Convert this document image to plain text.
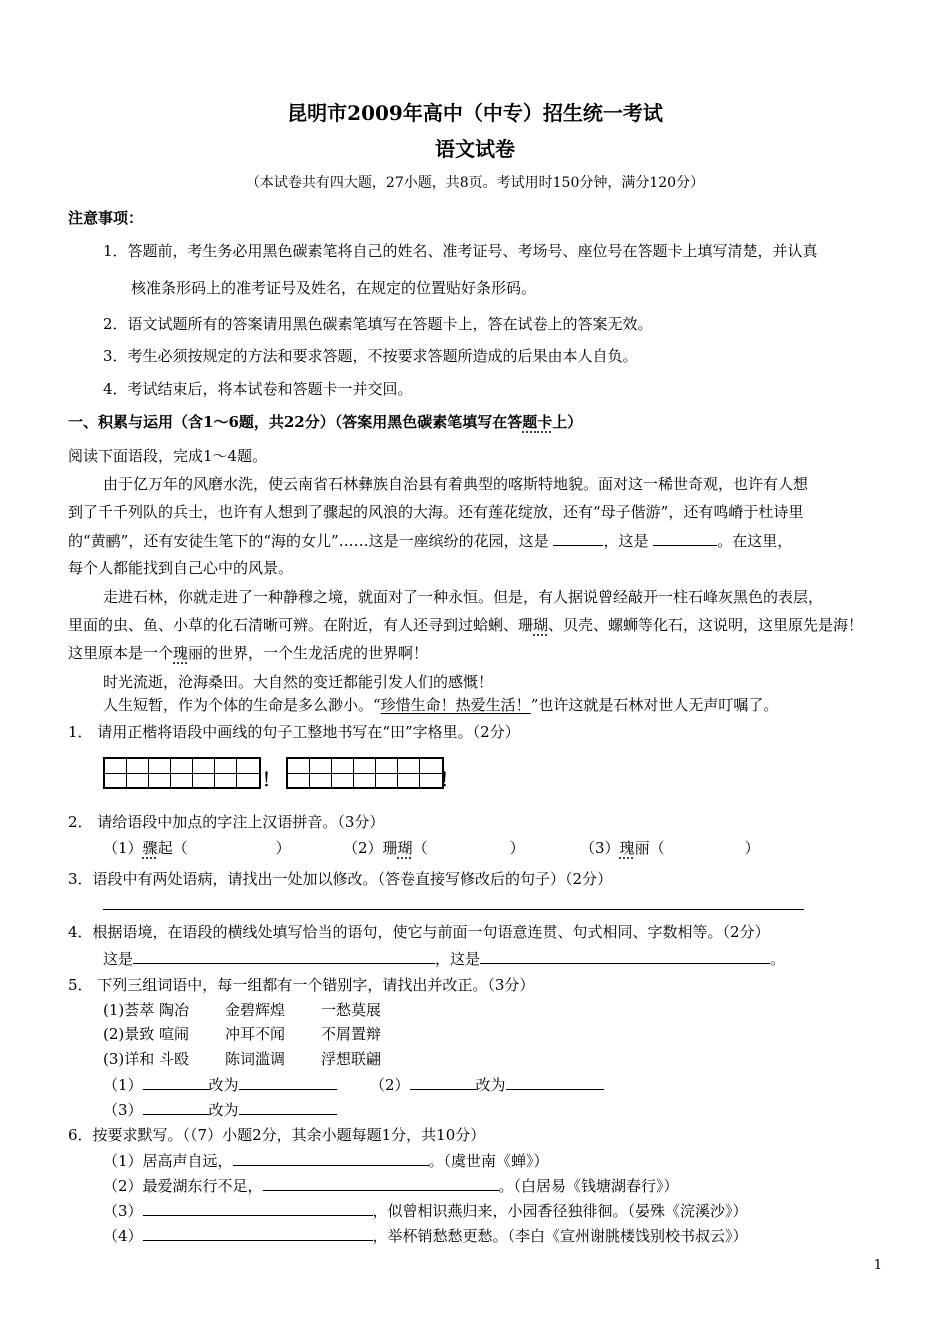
昆明市2009年高中（中专）招生统一考试
语文试卷
（本试卷共有四大题，27小题，共8页。考试用时150分钟，满分120分）
注意事项：
1．答题前，考生务必用黑色碳素笔将自己的姓名、准考证号、考场号、座位号在答题卡上填写清楚，并认真
核准条形码上的准考证号及姓名，在规定的位置贴好条形码。
2．语文试题所有的答案请用黑色碳素笔填写在答题卡上，答在试卷上的答案无效。
3．考生必须按规定的方法和要求答题，不按要求答题所造成的后果由本人自负。
4．考试结束后，将本试卷和答题卡一并交回。
一、积累与运用（含1～6题，共22分）（答案用黑色碳素笔填写在答题卡上）
阅读下面语段，完成1～4题。
由于亿万年的风磨水洗，使云南省石林彝族自治县有着典型的喀斯特地貌。面对这一稀世奇观，也许有人想
到了千千列队的兵士，也许有人想到了骤起的风浪的大海。还有莲花绽放，还有“母子偕游”，还有鸣嵴于杜诗里
的“黄鹂”，还有安徒生笔下的“海的女儿”……这是一座缤纷的花园，这是	，这是	。在这里，
每个人都能找到自己心中的风景。
走进石林，你就走进了一种静穆之境，就面对了一种永恒。但是，有人据说曾经敲开一柱石峰灰黑色的表层，
里面的虫、鱼、小草的化石清晰可辨。在附近，有人还寻到过蛤蜊、珊瑚、贝壳、螺蛳等化石，这说明，这里原先是海！
这里原本是一个瑰丽的世界，一个生龙活虎的世界啊！
时光流逝，沧海桑田。大自然的变迁都能引发人们的感慨！
人生短暂，作为个体的生命是多么渺小。“珍惜生命！热爱生活！”也许这就是石林对世人无声叮嘱了。
1． 请用正楷将语段中画线的句子工整地书写在“田”字格里。（2分）
！	！
2． 请给语段中加点的字注上汉语拼音。（3分）
（1）骤起（	）	（2）珊瑚（	）	（3）瑰丽（	）
3．语段中有两处语病，请找出一处加以修改。（答卷直接写修改后的句子）（2分）
4．根据语境，在语段的横线处填写恰当的语句，使它与前面一句语意连贯、句式相同、字数相等。（2分）
这是	，这是	。
5． 下列三组词语中，每一组都有一个错别字，请找出并改正。（3分）
(1)荟萃 陶冶 金碧辉煌 一愁莫展
(2)景致 喧闹 冲耳不闻 不屑置辩
(3)详和 斗殴 陈词滥调 浮想联翩
（1）	改为	（2）	改为
（3）	改为
6．按要求默写。（（7）小题2分，其余小题每题1分，共10分）
（1）居高声自远，	。（虞世南《蝉》）
（2）最爱湖东行不足，	。（白居易《钱塘湖春行》）
（3）	，似曾相识燕归来，小园香径独徘徊。（晏殊《浣溪沙》）
（4）	，举杯销愁愁更愁。（李白《宣州谢朓楼饯别校书叔云》）
1
